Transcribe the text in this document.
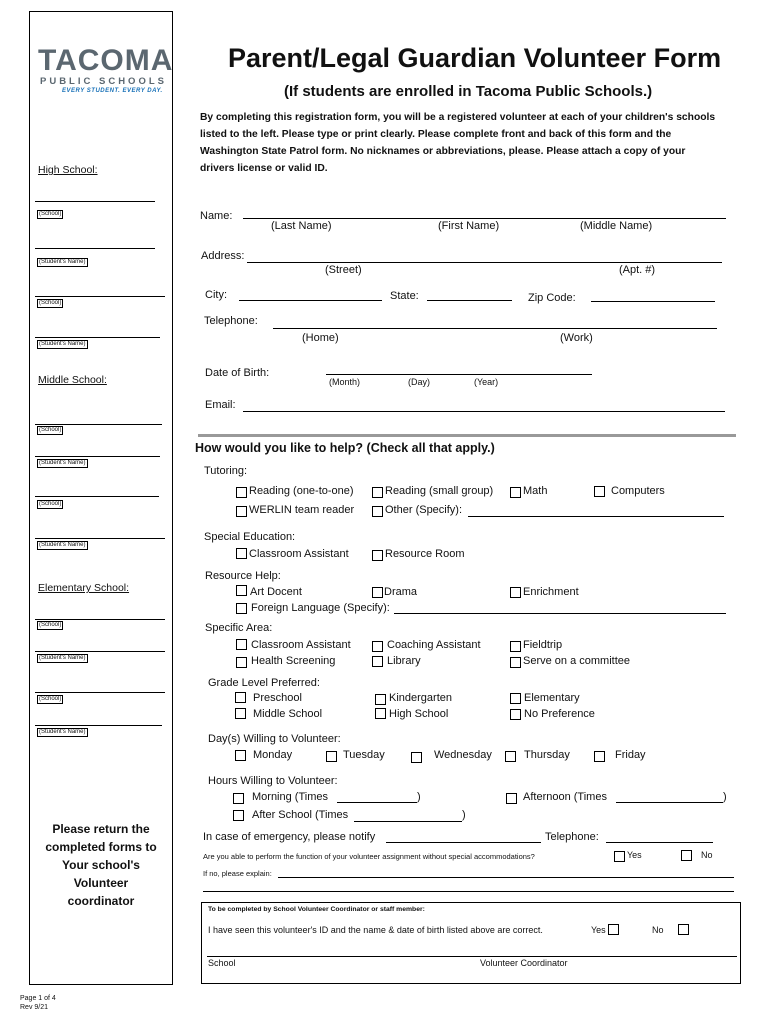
TACOMA
PUBLIC SCHOOLS
EVERY STUDENT. EVERY DAY.
High School:
(School)
(Student's Name)
(School)
(Student's Name)
Middle School:
(School)
(Student's Name)
(School)
(Student's Name)
Elementary School:
(School)
(Student's Name)
(School)
(Student's Name)
Please return the
completed forms to
Your school's
Volunteer
coordinator
Page 1 of 4
Rev 9/21
Parent/Legal Guardian Volunteer Form
(If students are enrolled in Tacoma Public Schools.)
By completing this registration form, you will be a registered volunteer at each of your children's schools listed to the left. Please type or print clearly. Please complete front and back of this form and the Washington State Patrol form. No nicknames or abbreviations, please. Please attach a copy of your drivers license or valid ID.
Name:
(Last Name)	(First Name)	(Middle Name)
Address:
(Street)	(Apt. #)
City:	State:	Zip Code:
Telephone:
(Home)	(Work)
Date of Birth:
(Month)	(Day)	(Year)
Email:
How would you like to help? (Check all that apply.)
Tutoring:
Reading (one-to-one)	Reading (small group)	Math	Computers
WERLIN team reader	Other (Specify):
Special Education:
Classroom Assistant	Resource Room
Resource Help:
Art Docent	Drama	Enrichment
Foreign Language (Specify):
Specific Area:
Classroom Assistant	Coaching Assistant	Fieldtrip
Health Screening	Library	Serve on a committee
Grade Level Preferred:
Preschool	Kindergarten	Elementary
Middle School	High School	No Preference
Day(s) Willing to Volunteer:
Monday	Tuesday	Wednesday	Thursday	Friday
Hours Willing to Volunteer:
Morning (Times	)	Afternoon (Times	)
After School (Times	)
In case of emergency, please notify	Telephone:
Are you able to perform the function of your volunteer assignment without special accommodations?	Yes	No
If no, please explain:
To be completed by School Volunteer Coordinator or staff member:
I have seen this volunteer's ID and the name & date of birth listed above are correct.	Yes	No
School	Volunteer Coordinator
